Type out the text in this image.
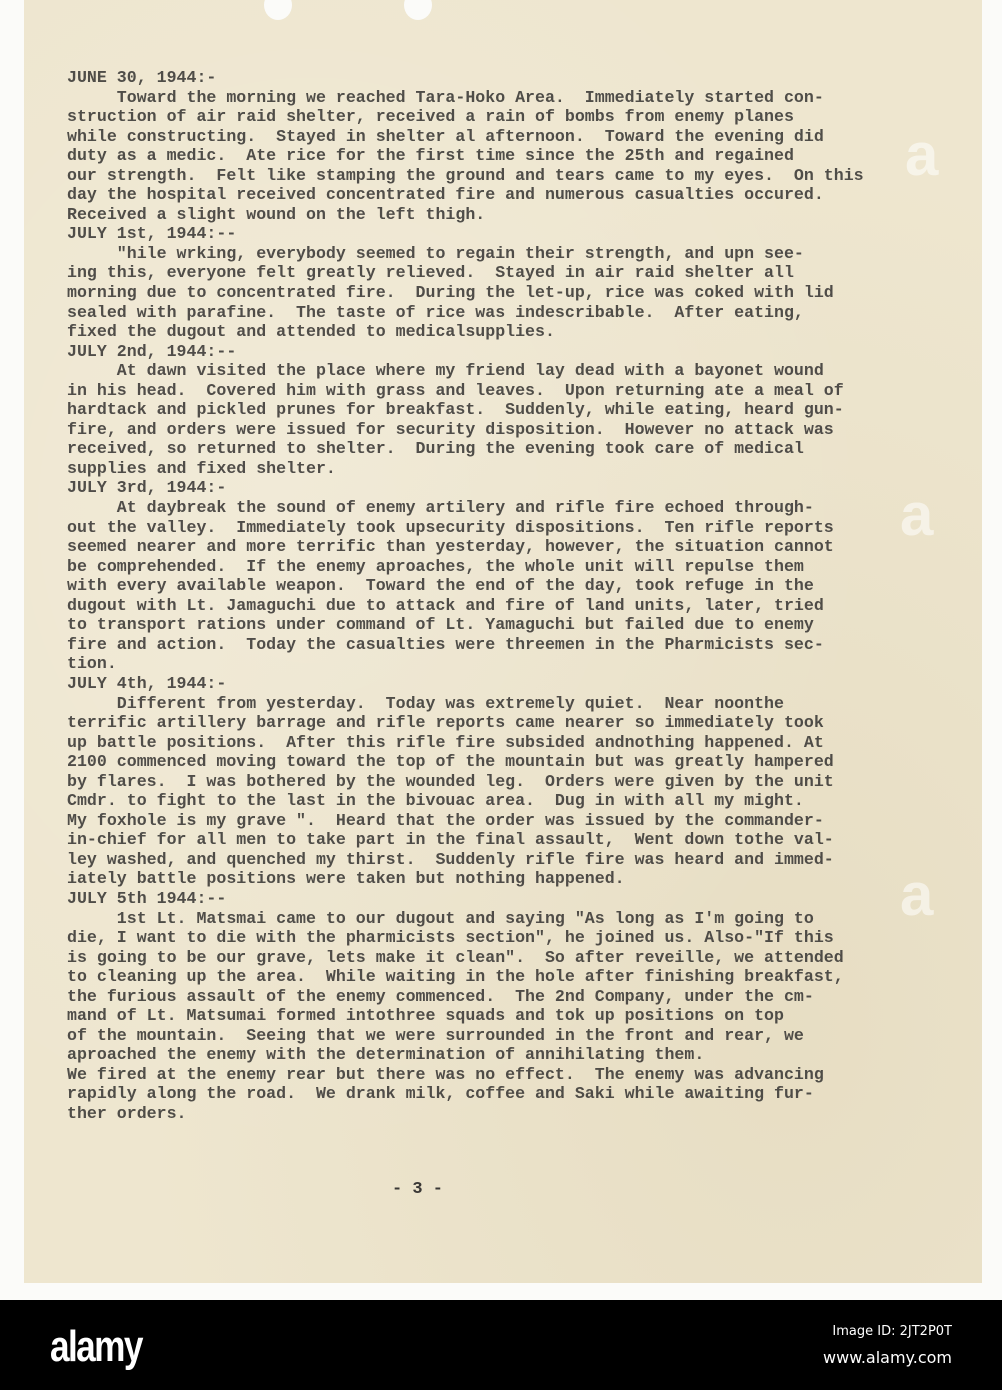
a
a
a
JUNE 30, 1944:-
Toward the morning we reached Tara-Hoko Area.  Immediately started con-
struction of air raid shelter, received a rain of bombs from enemy planes
while constructing.  Stayed in shelter al afternoon.  Toward the evening did
duty as a medic.  Ate rice for the first time since the 25th and regained
our strength.  Felt like stamping the ground and tears came to my eyes.  On this
day the hospital received concentrated fire and numerous casualties occured.
Received a slight wound on the left thigh.
JULY 1st, 1944:--
"hile wrking, everybody seemed to regain their strength, and upn see-
ing this, everyone felt greatly relieved.  Stayed in air raid shelter all
morning due to concentrated fire.  During the let-up, rice was coked with lid
sealed with parafine.  The taste of rice was indescribable.  After eating,
fixed the dugout and attended to medicalsupplies.
JULY 2nd, 1944:--
At dawn visited the place where my friend lay dead with a bayonet wound
in his head.  Covered him with grass and leaves.  Upon returning ate a meal of
hardtack and pickled prunes for breakfast.  Suddenly, while eating, heard gun-
fire, and orders were issued for security disposition.  However no attack was
received, so returned to shelter.  During the evening took care of medical
supplies and fixed shelter.
JULY 3rd, 1944:-
At daybreak the sound of enemy artilery and rifle fire echoed through-
out the valley.  Immediately took upsecurity dispositions.  Ten rifle reports
seemed nearer and more terrific than yesterday, however, the situation cannot
be comprehended.  If the enemy aproaches, the whole unit will repulse them
with every available weapon.  Toward the end of the day, took refuge in the
dugout with Lt. Jamaguchi due to attack and fire of land units, later, tried
to transport rations under command of Lt. Yamaguchi but failed due to enemy
fire and action.  Today the casualties were threemen in the Pharmicists sec-
tion.
JULY 4th, 1944:-
Different from yesterday.  Today was extremely quiet.  Near noonthe
terrific artillery barrage and rifle reports came nearer so immediately took
up battle positions.  After this rifle fire subsided andnothing happened. At
2100 commenced moving toward the top of the mountain but was greatly hampered
by flares.  I was bothered by the wounded leg.  Orders were given by the unit
Cmdr. to fight to the last in the bivouac area.  Dug in with all my might.
My foxhole is my grave ".  Heard that the order was issued by the commander-
in-chief for all men to take part in the final assault,  Went down tothe val-
ley washed, and quenched my thirst.  Suddenly rifle fire was heard and immed-
iately battle positions were taken but nothing happened.
JULY 5th 1944:--
1st Lt. Matsmai came to our dugout and saying "As long as I'm going to
die, I want to die with the pharmicists section", he joined us. Also-"If this
is going to be our grave, lets make it clean".  So after reveille, we attended
to cleaning up the area.  While waiting in the hole after finishing breakfast,
the furious assault of the enemy commenced.  The 2nd Company, under the cm-
mand of Lt. Matsumai formed intothree squads and tok up positions on top
of the mountain.  Seeing that we were surrounded in the front and rear, we
aproached the enemy with the determination of annihilating them.
We fired at the enemy rear but there was no effect.  The enemy was advancing
rapidly along the road.  We drank milk, coffee and Saki while awaiting fur-
ther orders.
- 3 -
alamy	Image ID: 2JT2P0T
www.alamy.com
